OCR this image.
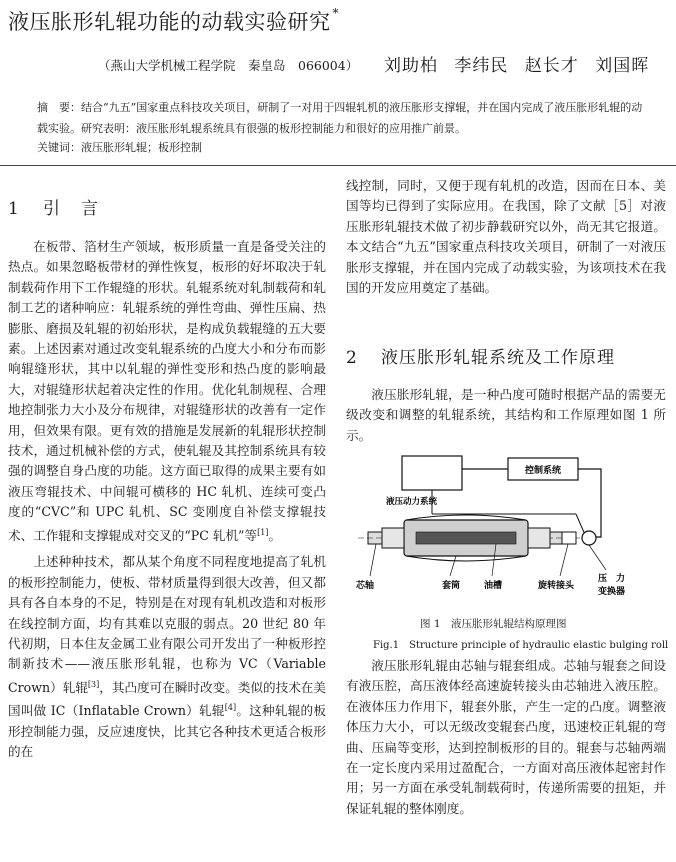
液压胀形轧辊功能的动载实验研究 *
（燕山大学机械工程学院　秦皇岛　066004） 刘助柏 李纬民 赵长才 刘国晖
摘　要：结合“九五”国家重点科技攻关项目，研制了一对用于四辊轧机的液压胀形支撑辊，并在国内完成了液压胀形轧辊的动载实验。研究表明：液压胀形轧辊系统具有很强的板形控制能力和很好的应用推广前景。
关键词：液压胀形轧辊；板形控制
1 引　言

在板带、箔材生产领域，板形质量一直是备受关注的热点。如果忽略板带材的弹性恢复，板形的好坏取决于轧制载荷作用下工作辊缝的形状。轧辊系统对轧制载荷和轧制工艺的诸种响应：轧辊系统的弹性弯曲、弹性压扁、热膨胀、磨损及轧辊的初始形状，是构成负载辊缝的五大要素。上述因素对通过改变轧辊系统的凸度大小和分布而影响辊缝形状，其中以轧辊的弹性变形和热凸度的影响最大，对辊缝形状起着决定性的作用。优化轧制规程、合理地控制张力大小及分布规律，对辊缝形状的改善有一定作用，但效果有限。更有效的措施是发展新的轧辊形状控制技术，通过机械补偿的方式，使轧辊及其控制系统具有较强的调整自身凸度的功能。这方面已取得的成果主要有如液压弯辊技术、中间辊可横移的 HC 轧机、连续可变凸度的“CVC”和 UPC 轧机、SC 变刚度自补偿支撑辊技术、工作辊和支撑辊成对交叉的“PC 轧机”等[1]。

上述种种技术，都从某个角度不同程度地提高了轧机的板形控制能力，使板、带材质量得到很大改善，但又都具有各自本身的不足，特别是在对现有轧机改造和对板形在线控制方面，均有其难以克服的弱点。20 世纪 80 年代初期，日本住友金属工业有限公司开发出了一种板形控制新技术——液压胀形轧辊，也称为 VC（Variable Crown）轧辊[3]，其凸度可在瞬时改变。类似的技术在美国叫做 IC（Inflatable Crown）轧辊[4]。这种轧辊的板形控制能力强，反应速度快，比其它各种技术更适合板形的在

线控制，同时，又便于现有轧机的改造，因而在日本、美国等均已得到了实际应用。在我国，除了文献［5］对液压胀形轧辊技术做了初步静载研究以外，尚无其它报道。本文结合“九五”国家重点科技攻关项目，研制了一对液压胀形支撑辊，并在国内完成了动载实验，为该项技术在我国的开发应用奠定了基础。

2 液压胀形轧辊系统及工作原理

液压胀形轧辊，是一种凸度可随时根据产品的需要无级改变和调整的轧辊系统，其结构和工作原理如图 1 所示。

控制系统
液压动力系统
芯轴	套筒	油槽	旋转接头
压　力
变换器
图 1　液压胀形轧辊结构原理图
Fig.1　Structure principle of hydraulic elastic bulging roll

液压胀形轧辊由芯轴与辊套组成。芯轴与辊套之间设有液压腔，高压液体经高速旋转接头由芯轴进入液压腔。在液体压力作用下，辊套外胀，产生一定的凸度。调整液体压力大小，可以无级改变辊套凸度，迅速校正轧辊的弯曲、压扁等变形，达到控制板形的目的。辊套与芯轴两端在一定长度内采用过盈配合，一方面对高压液体起密封作用；另一方面在承受轧制载荷时，传递所需要的扭矩，并保证轧辊的整体刚度。
